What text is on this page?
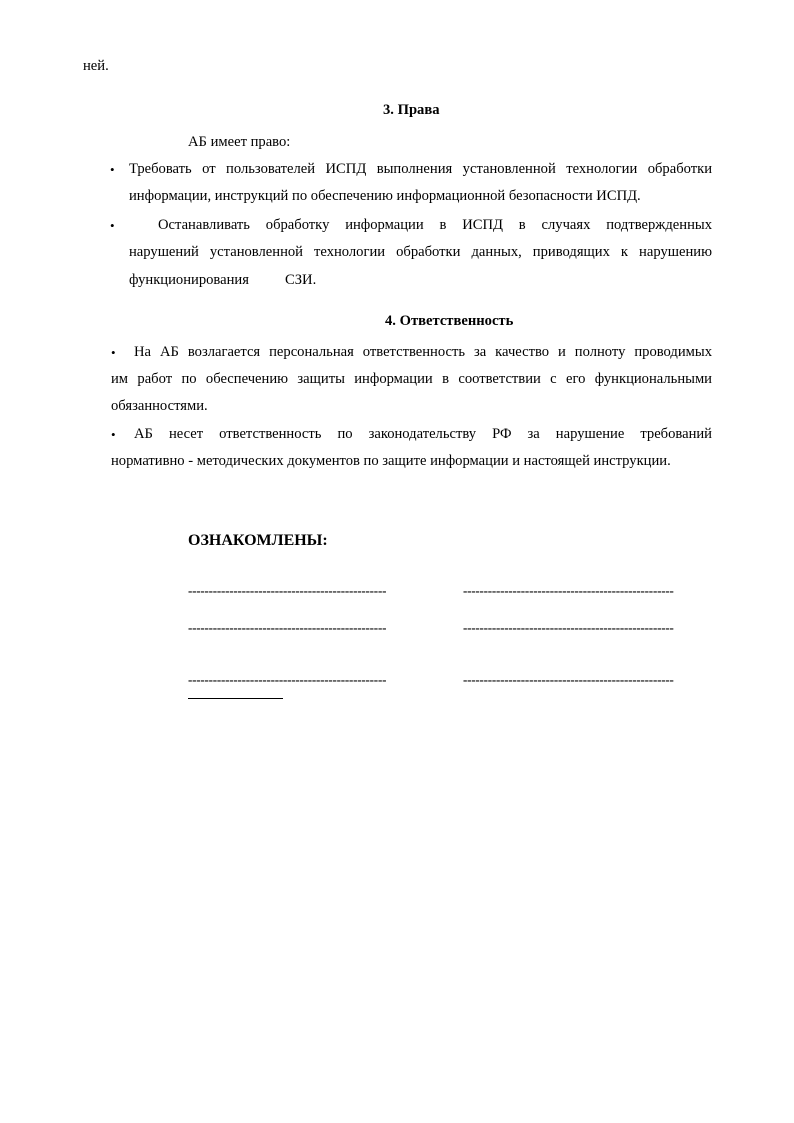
ней.
3. Права
АБ имеет право:
• Требовать от пользователей ИСПД выполнения установленной технологии обработки
информации, инструкций по обеспечению информационной безопасности ИСПД.
•	Останавливать обработку информации в ИСПД в случаях подтвержденных
нарушений установленной технологии обработки данных, приводящих к нарушению
функционирования СЗИ.
4. Ответственность
• На АБ возлагается персональная ответственность за качество и полноту проводимых
им работ по обеспечению защиты информации в соответствии с его функциональными
обязанностями.
• АБ несет ответственность по законодательству РФ за нарушение требований
нормативно - методических документов по защите информации и настоящей инструкции.
ОЗНАКОМЛЕНЫ:
------------------------------------------------	---------------------------------------------------
------------------------------------------------	---------------------------------------------------
------------------------------------------------	---------------------------------------------------
